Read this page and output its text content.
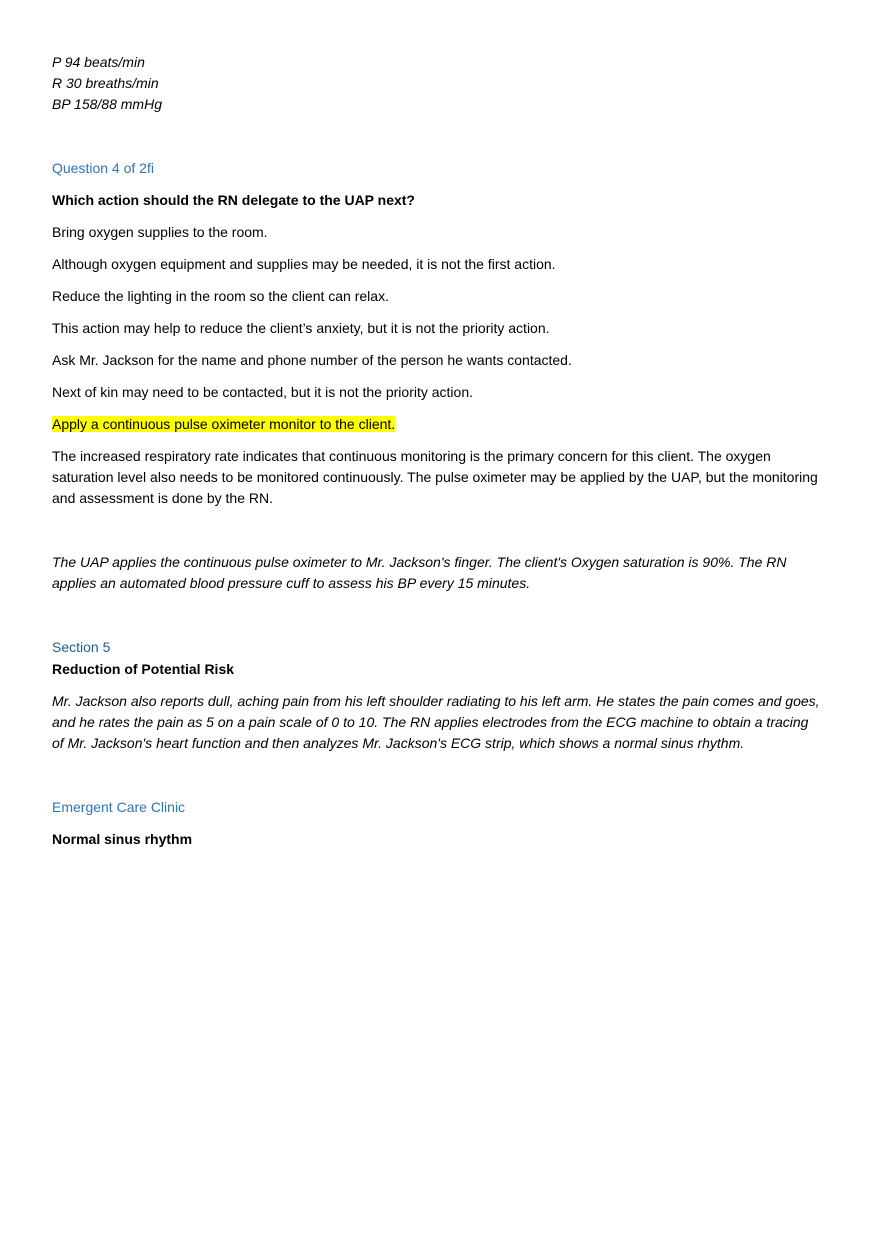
P 94 beats/min

R 30 breaths/min

BP 158/88 mmHg

Question 4 of 2ﬁ

Which action should the RN delegate to the UAP next?

Bring oxygen supplies to the room.

Although oxygen equipment and supplies may be needed, it is not the first action.

Reduce the lighting in the room so the client can relax.

This action may help to reduce the client’s anxiety, but it is not the priority action.

Ask Mr. Jackson for the name and phone number of the person he wants contacted.

Next of kin may need to be contacted, but it is not the priority action.

Apply a continuous pulse oximeter monitor to the client.

The increased respiratory rate indicates that continuous monitoring is the primary concern for this client. The oxygen saturation level also needs to be monitored continuously. The pulse oximeter may be applied by the UAP, but the monitoring and assessment is done by the RN.

The UAP applies the continuous pulse oximeter to Mr. Jackson's finger. The client's Oxygen saturation is 90%. The RN applies an automated blood pressure cuff to assess his BP every 15 minutes.

Section 5

Reduction of Potential Risk

Mr. Jackson also reports dull, aching pain from his left shoulder radiating to his left arm. He states the pain comes and goes, and he rates the pain as 5 on a pain scale of 0 to 10. The RN applies electrodes from the ECG machine to obtain a tracing of Mr. Jackson's heart function and then analyzes Mr. Jackson's ECG strip, which shows a normal sinus rhythm.

Emergent Care Clinic

Normal sinus rhythm
